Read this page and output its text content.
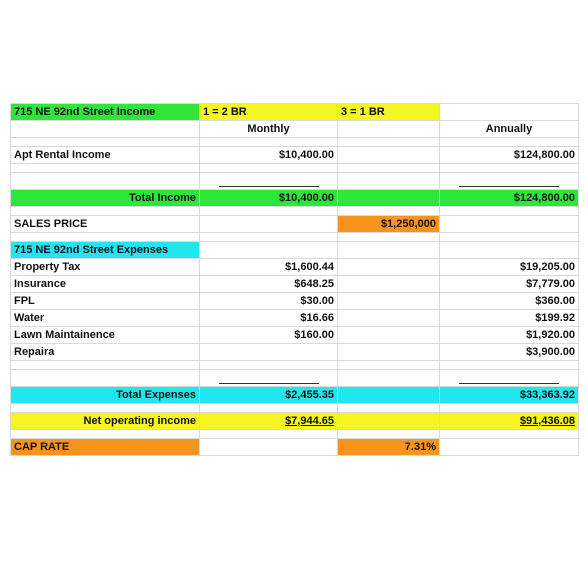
715 NE 92nd Street Income	1 = 2 BR	3 = 1 BR	
	Monthly		Annually

Apt Rental Income	$10,400.00		$124,800.00

Total Income	$10,400.00		$124,800.00

SALES PRICE		$1,250,000	

715 NE 92nd Street Expenses			
Property Tax	$1,600.44		$19,205.00
Insurance	$648.25		$7,779.00
FPL	$30.00		$360.00
Water	$16.66		$199.92
Lawn Maintainence	$160.00		$1,920.00
Repaira			$3,900.00

Total Expenses	$2,455.35		$33,363.92

Net operating income	$7,944.65		$91,436.08

CAP RATE		7.31%	
